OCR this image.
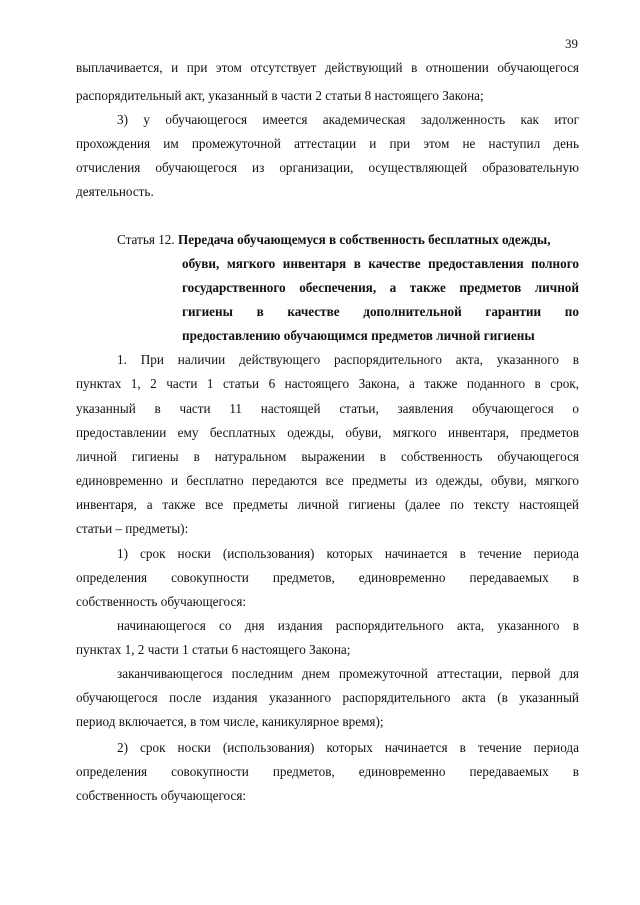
39
выплачивается, и при этом отсутствует действующий в отношении обучающегося
распорядительный акт, указанный в части 2 статьи 8 настоящего Закона;
3) у обучающегося имеется академическая задолженность как итог
прохождения им промежуточной аттестации и при этом не наступил день
отчисления обучающегося из организации, осуществляющей образовательную
деятельность.
Статья 12. Передача обучающемуся в собственность бесплатных одежды,
обуви, мягкого инвентаря в качестве предоставления полного
государственного обеспечения, а также предметов личной
гигиены в качестве дополнительной гарантии по
предоставлению обучающимся предметов личной гигиены
1. При наличии действующего распорядительного акта, указанного в
пунктах 1, 2 части 1 статьи 6 настоящего Закона, а также поданного в срок,
указанный в части 11 настоящей статьи, заявления обучающегося о
предоставлении ему бесплатных одежды, обуви, мягкого инвентаря, предметов
личной гигиены в натуральном выражении в собственность обучающегося
единовременно и бесплатно передаются все предметы из одежды, обуви, мягкого
инвентаря, а также все предметы личной гигиены (далее по тексту настоящей
статьи – предметы):
1) срок носки (использования) которых начинается в течение периода
определения совокупности предметов, единовременно передаваемых в
собственность обучающегося:
начинающегося со дня издания распорядительного акта, указанного в
пунктах 1, 2 части 1 статьи 6 настоящего Закона;
заканчивающегося последним днем промежуточной аттестации, первой для
обучающегося после издания указанного распорядительного акта (в указанный
период включается, в том числе, каникулярное время);
2) срок носки (использования) которых начинается в течение периода
определения совокупности предметов, единовременно передаваемых в
собственность обучающегося:
